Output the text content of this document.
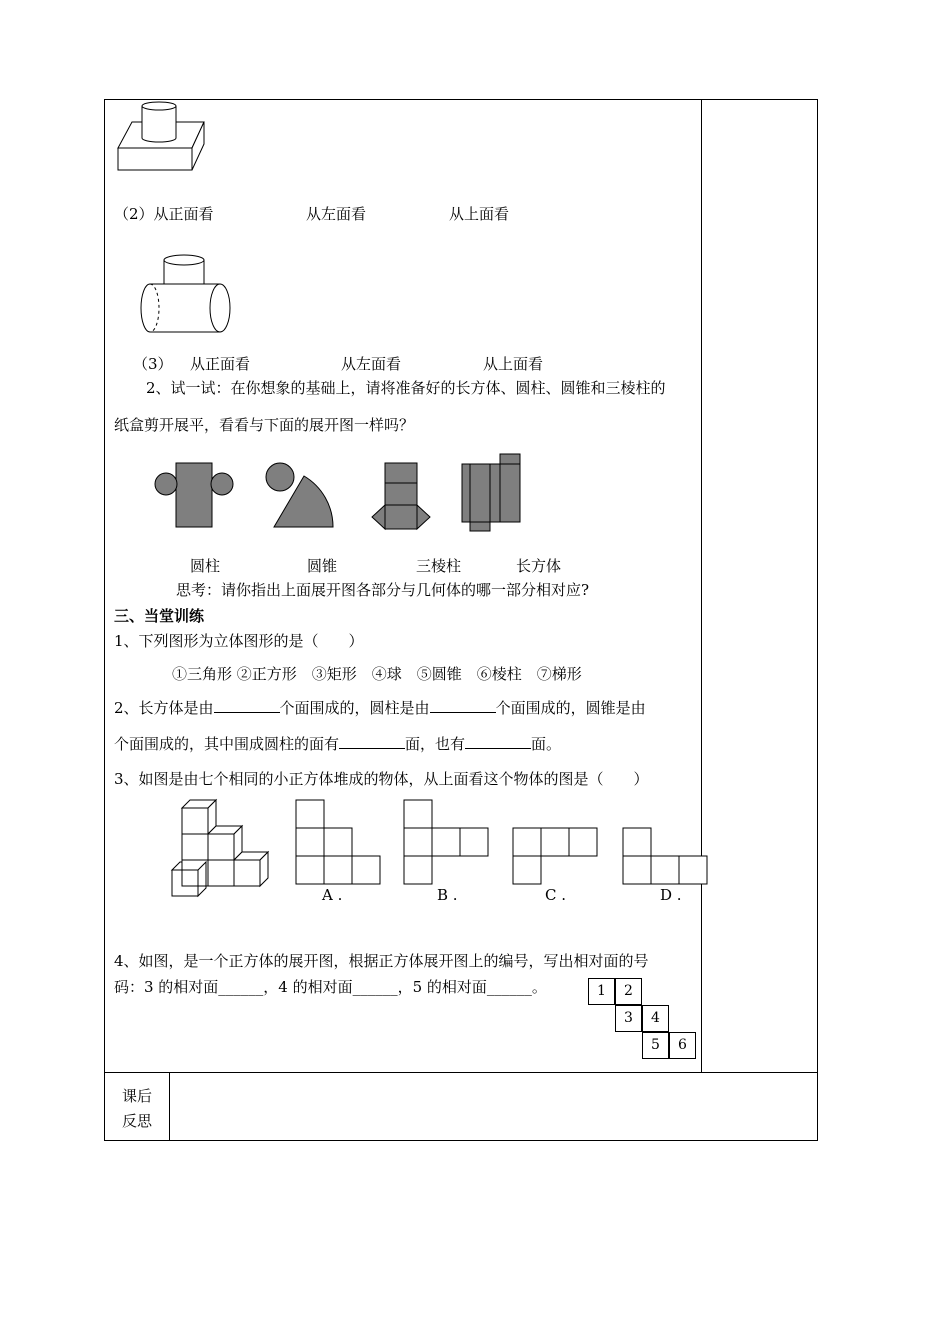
（2）从正面看	从左面看	从上面看
（3） 从正面看	从左面看	从上面看
2、试一试：在你想象的基础上，请将准备好的长方体、圆柱、圆锥和三棱柱的
纸盒剪开展平，看看与下面的展开图一样吗？
圆柱	圆锥	三棱柱	长方体
思考：请你指出上面展开图各部分与几何体的哪一部分相对应?
三、当堂训练
1、下列图形为立体图形的是（　　）
①三角形 ②正方形　③矩形　④球　⑤圆锥　⑥棱柱　⑦梯形
2、长方体是由	个面围成的，圆柱是由	个面围成的，圆锥是由
个面围成的，其中围成圆柱的面有	面，也有	面。
3、如图是由七个相同的小正方体堆成的物体，从上面看这个物体的图是（　　）
A .	B .	C .	D .
4、如图，是一个正方体的展开图，根据正方体展开图上的编号，写出相对面的号
码：3 的相对面______，4 的相对面______，5 的相对面______。	1	2
3	4
5	6
课后
反思
